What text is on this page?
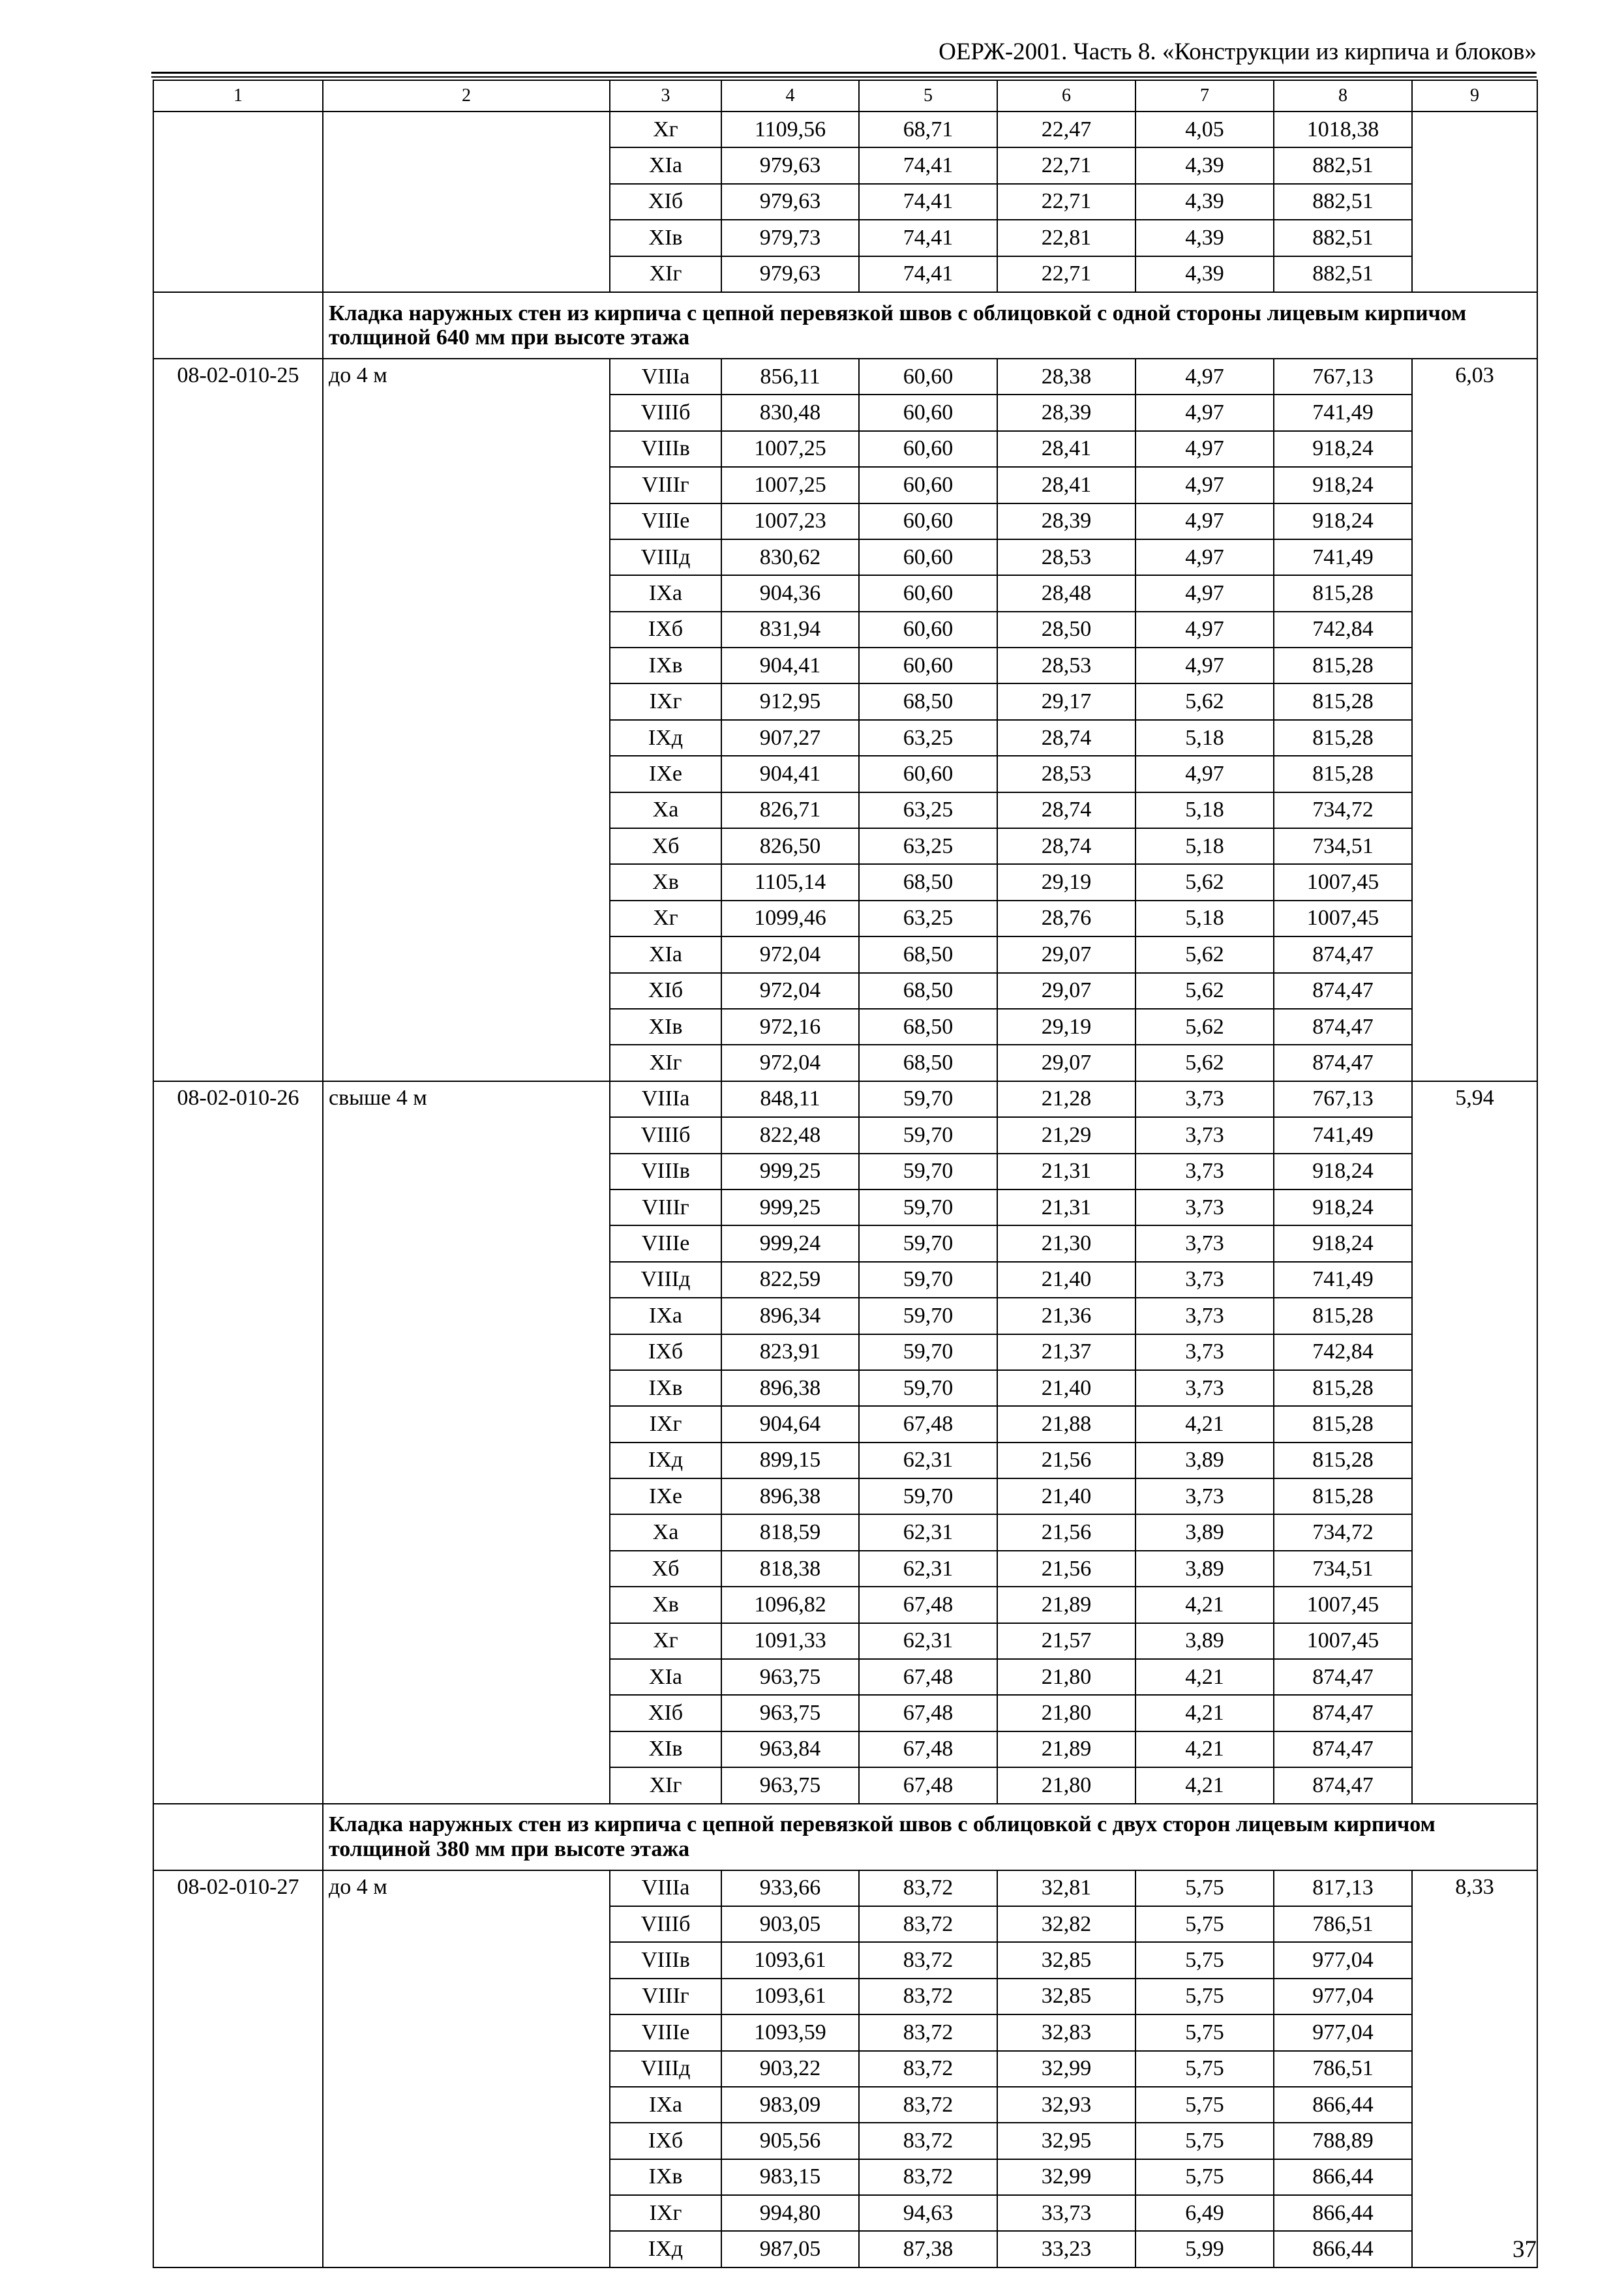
ОЕРЖ-2001. Часть 8. «Конструкции из кирпича и блоков»
1	2	3	4	5	6	7	8	9
		Xг	1109,56	68,71	22,47	4,05	1018,38	
		XIа	979,63	74,41	22,71	4,39	882,51	
		XIб	979,63	74,41	22,71	4,39	882,51	
		XIв	979,73	74,41	22,81	4,39	882,51	
		XIг	979,63	74,41	22,71	4,39	882,51	
	Кладка наружных стен из кирпича с цепной перевязкой швов с облицовкой с одной стороны лицевым кирпичом толщиной 640 мм при высоте этажа							
08-02-010-25	до 4 м	VIIIа	856,11	60,60	28,38	4,97	767,13	6,03
		VIIIб	830,48	60,60	28,39	4,97	741,49	
		VIIIв	1007,25	60,60	28,41	4,97	918,24	
		VIIIг	1007,25	60,60	28,41	4,97	918,24	
		VIIIе	1007,23	60,60	28,39	4,97	918,24	
		VIIIд	830,62	60,60	28,53	4,97	741,49	
		IXа	904,36	60,60	28,48	4,97	815,28	
		IXб	831,94	60,60	28,50	4,97	742,84	
		IXв	904,41	60,60	28,53	4,97	815,28	
		IXг	912,95	68,50	29,17	5,62	815,28	
		IXд	907,27	63,25	28,74	5,18	815,28	
		IXе	904,41	60,60	28,53	4,97	815,28	
		Xа	826,71	63,25	28,74	5,18	734,72	
		Xб	826,50	63,25	28,74	5,18	734,51	
		Xв	1105,14	68,50	29,19	5,62	1007,45	
		Xг	1099,46	63,25	28,76	5,18	1007,45	
		XIа	972,04	68,50	29,07	5,62	874,47	
		XIб	972,04	68,50	29,07	5,62	874,47	
		XIв	972,16	68,50	29,19	5,62	874,47	
		XIг	972,04	68,50	29,07	5,62	874,47	
08-02-010-26	свыше 4 м	VIIIа	848,11	59,70	21,28	3,73	767,13	5,94
		VIIIб	822,48	59,70	21,29	3,73	741,49	
		VIIIв	999,25	59,70	21,31	3,73	918,24	
		VIIIг	999,25	59,70	21,31	3,73	918,24	
		VIIIе	999,24	59,70	21,30	3,73	918,24	
		VIIIд	822,59	59,70	21,40	3,73	741,49	
		IXа	896,34	59,70	21,36	3,73	815,28	
		IXб	823,91	59,70	21,37	3,73	742,84	
		IXв	896,38	59,70	21,40	3,73	815,28	
		IXг	904,64	67,48	21,88	4,21	815,28	
		IXд	899,15	62,31	21,56	3,89	815,28	
		IXе	896,38	59,70	21,40	3,73	815,28	
		Xа	818,59	62,31	21,56	3,89	734,72	
		Xб	818,38	62,31	21,56	3,89	734,51	
		Xв	1096,82	67,48	21,89	4,21	1007,45	
		Xг	1091,33	62,31	21,57	3,89	1007,45	
		XIа	963,75	67,48	21,80	4,21	874,47	
		XIб	963,75	67,48	21,80	4,21	874,47	
		XIв	963,84	67,48	21,89	4,21	874,47	
		XIг	963,75	67,48	21,80	4,21	874,47	
	Кладка наружных стен из кирпича с цепной перевязкой швов с облицовкой с двух сторон лицевым кирпичом толщиной 380 мм при высоте этажа							
08-02-010-27	до 4 м	VIIIа	933,66	83,72	32,81	5,75	817,13	8,33
		VIIIб	903,05	83,72	32,82	5,75	786,51	
		VIIIв	1093,61	83,72	32,85	5,75	977,04	
		VIIIг	1093,61	83,72	32,85	5,75	977,04	
		VIIIе	1093,59	83,72	32,83	5,75	977,04	
		VIIIд	903,22	83,72	32,99	5,75	786,51	
		IXа	983,09	83,72	32,93	5,75	866,44	
		IXб	905,56	83,72	32,95	5,75	788,89	
		IXв	983,15	83,72	32,99	5,75	866,44	
		IXг	994,80	94,63	33,73	6,49	866,44	
		IXд	987,05	87,38	33,23	5,99	866,44		37
